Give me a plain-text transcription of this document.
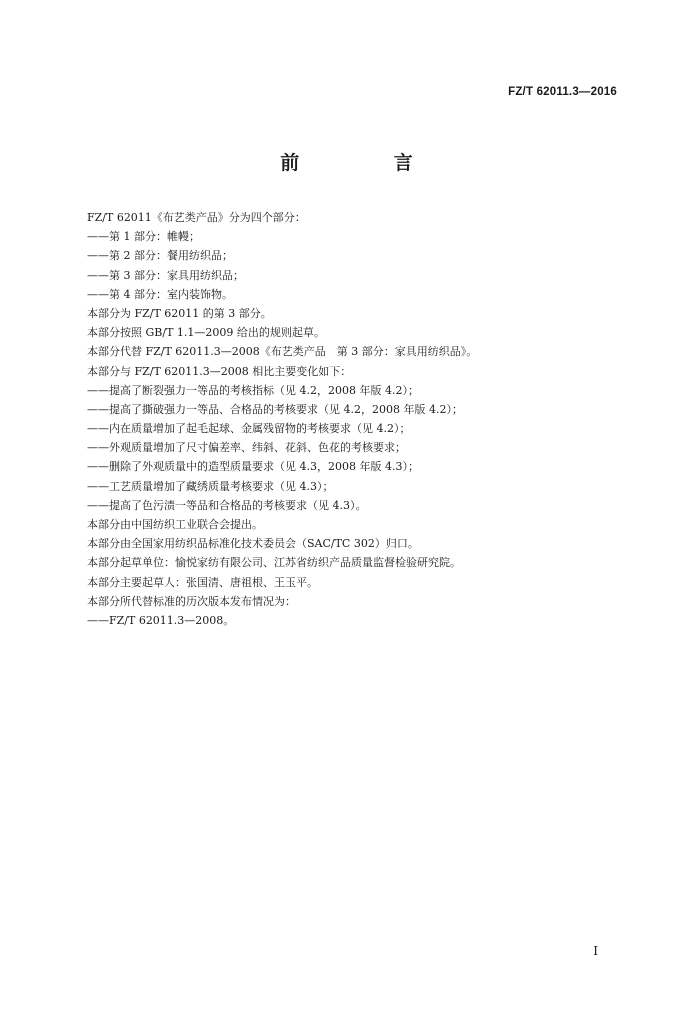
FZ/T 62011.3—2016
前 言
FZ/T 62011《布艺类产品》分为四个部分：
——第 1 部分：帷幔；
——第 2 部分：餐用纺织品；
——第 3 部分：家具用纺织品；
——第 4 部分：室内装饰物。
本部分为 FZ/T 62011 的第 3 部分。
本部分按照 GB/T 1.1—2009 给出的规则起草。
本部分代替 FZ/T 62011.3—2008《布艺类产品　第 3 部分：家具用纺织品》。
本部分与 FZ/T 62011.3—2008 相比主要变化如下：
——提高了断裂强力一等品的考核指标（见 4.2，2008 年版 4.2）；
——提高了撕破强力一等品、合格品的考核要求（见 4.2，2008 年版 4.2）；
——内在质量增加了起毛起球、金属残留物的考核要求（见 4.2）；
——外观质量增加了尺寸偏差率、纬斜、花斜、色花的考核要求；
——删除了外观质量中的造型质量要求（见 4.3，2008 年版 4.3）；
——工艺质量增加了藏绣质量考核要求（见 4.3）；
——提高了色污渍一等品和合格品的考核要求（见 4.3）。
本部分由中国纺织工业联合会提出。
本部分由全国家用纺织品标准化技术委员会（SAC/TC 302）归口。
本部分起草单位：愉悦家纺有限公司、江苏省纺织产品质量监督检验研究院。
本部分主要起草人：张国清、唐祖根、王玉平。
本部分所代替标准的历次版本发布情况为：
——FZ/T 62011.3—2008。
I
